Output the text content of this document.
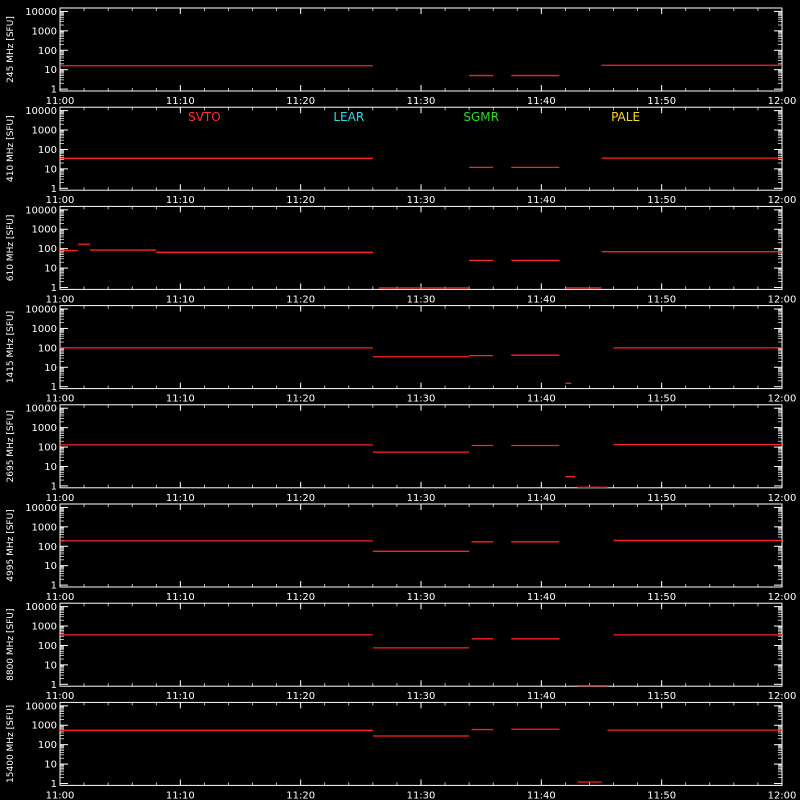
1
10
100
1000
10000
11:00	11:10	11:20	11:30	11:40	11:50	12:00
245 MHz [SFU]
1
10
100
1000
10000
11:00	11:10	11:20	11:30	11:40	11:50	12:00
410 MHz [SFU]
1
10
100
1000
10000
11:00	11:10	11:20	11:30	11:40	11:50	12:00
610 MHz [SFU]
1
10
100
1000
10000
11:00	11:10	11:20	11:30	11:40	11:50	12:00
1415 MHz [SFU]
1
10
100
1000
10000
11:00	11:10	11:20	11:30	11:40	11:50	12:00
2695 MHz [SFU]
1
10
100
1000
10000
11:00	11:10	11:20	11:30	11:40	11:50	12:00
4995 MHz [SFU]
1
10
100
1000
10000
11:00	11:10	11:20	11:30	11:40	11:50	12:00
8800 MHz [SFU]
1
10
100
1000
10000
11:00	11:10	11:20	11:30	11:40	11:50	12:00
15400 MHz [SFU]
SVTO	LEAR	SGMR	PALE
